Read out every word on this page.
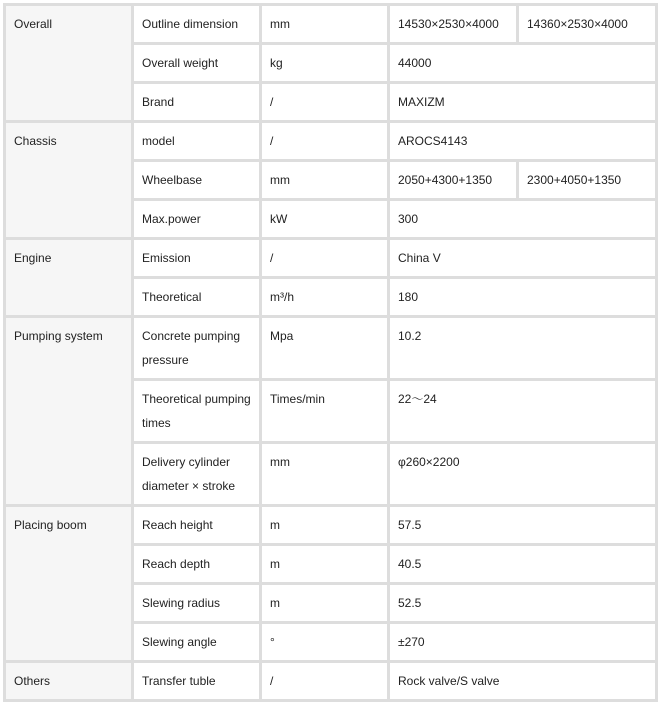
Overall	Outline dimension	mm	14530×2530×4000	14360×2530×4000
	Overall weight	kg	44000	
	Brand	/	MAXIZM	
Chassis	model	/	AROCS4143	
	Wheelbase	mm	2050+4300+1350	2300+4050+1350
	Max.power	kW	300	
Engine	Emission	/	China V	
	Theoretical	m³/h	180	
Pumping system	Concrete pumping pressure	Mpa	10.2	
	Theoretical pumping times	Times/min	22～24	
	Delivery cylinder diameter × stroke	mm	φ260×2200	
Placing boom	Reach height	m	57.5	
	Reach depth	m	40.5	
	Slewing radius	m	52.5	
	Slewing angle	°	±270	
Others	Transfer tuble	/	Rock valve/S valve	
